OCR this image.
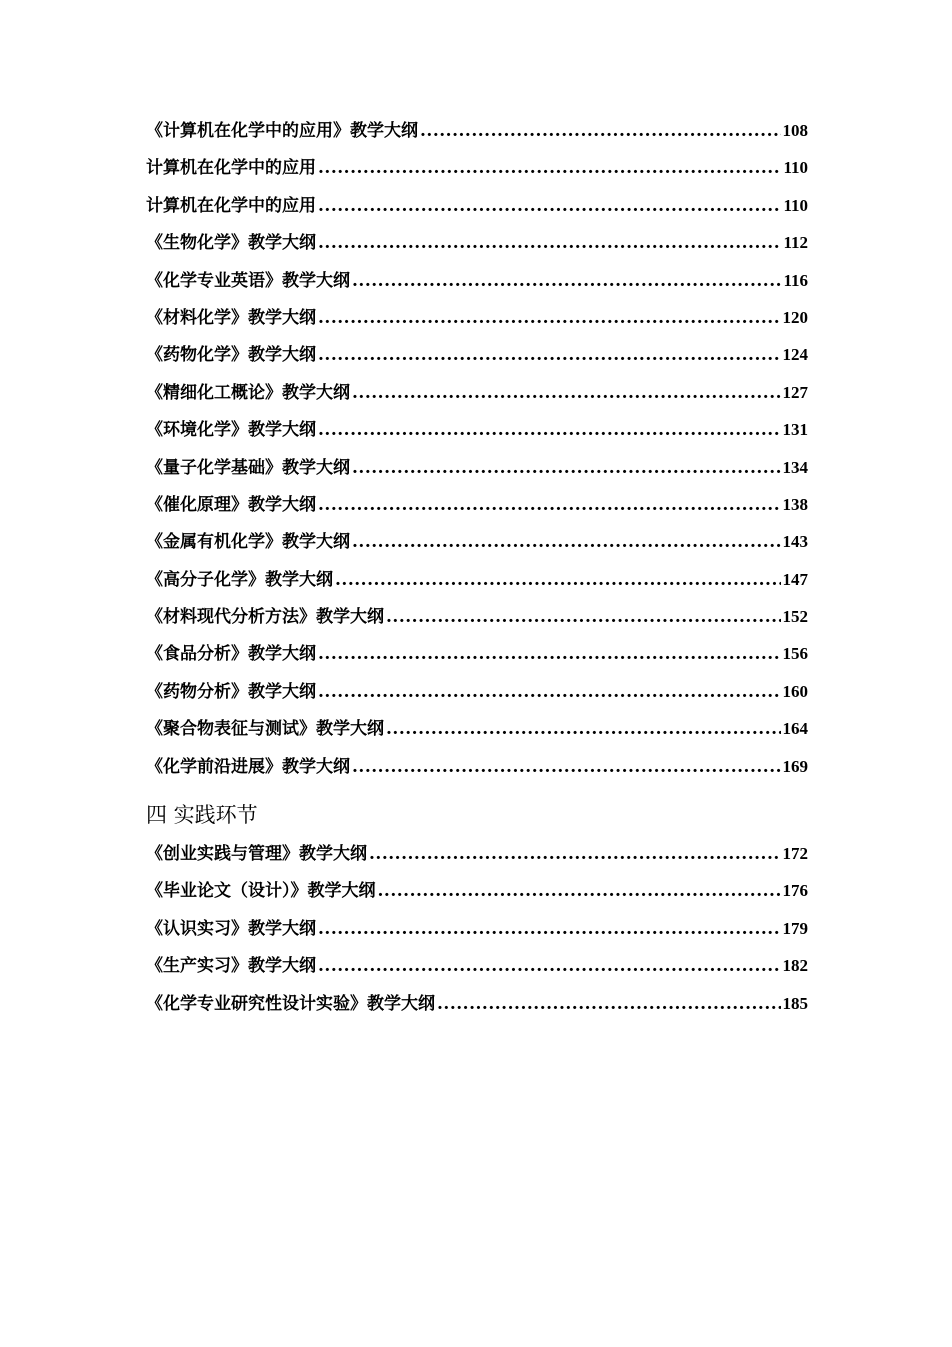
《计算机在化学中的应用》教学大纲 .....	108
计算机在化学中的应用 .....	110
计算机在化学中的应用 .....	110
《生物化学》教学大纲 .....	112
《化学专业英语》教学大纲 .....	116
《材料化学》教学大纲 .....	120
《药物化学》教学大纲 .....	124
《精细化工概论》教学大纲 .....	127
《环境化学》教学大纲 .....	131
《量子化学基础》教学大纲 .....	134
《催化原理》教学大纲 .....	138
《金属有机化学》教学大纲 .....	143
《高分子化学》教学大纲 .....	147
《材料现代分析方法》教学大纲 .....	152
《食品分析》教学大纲 .....	156
《药物分析》教学大纲 .....	160
《聚合物表征与测试》教学大纲 .....	164
《化学前沿进展》教学大纲 .....	169
四 实践环节
《创业实践与管理》教学大纲 .....	172
《毕业论文（设计）》教学大纲 .....	176
《认识实习》教学大纲 .....	179
《生产实习》教学大纲 .....	182
《化学专业研究性设计实验》教学大纲 .....	185
